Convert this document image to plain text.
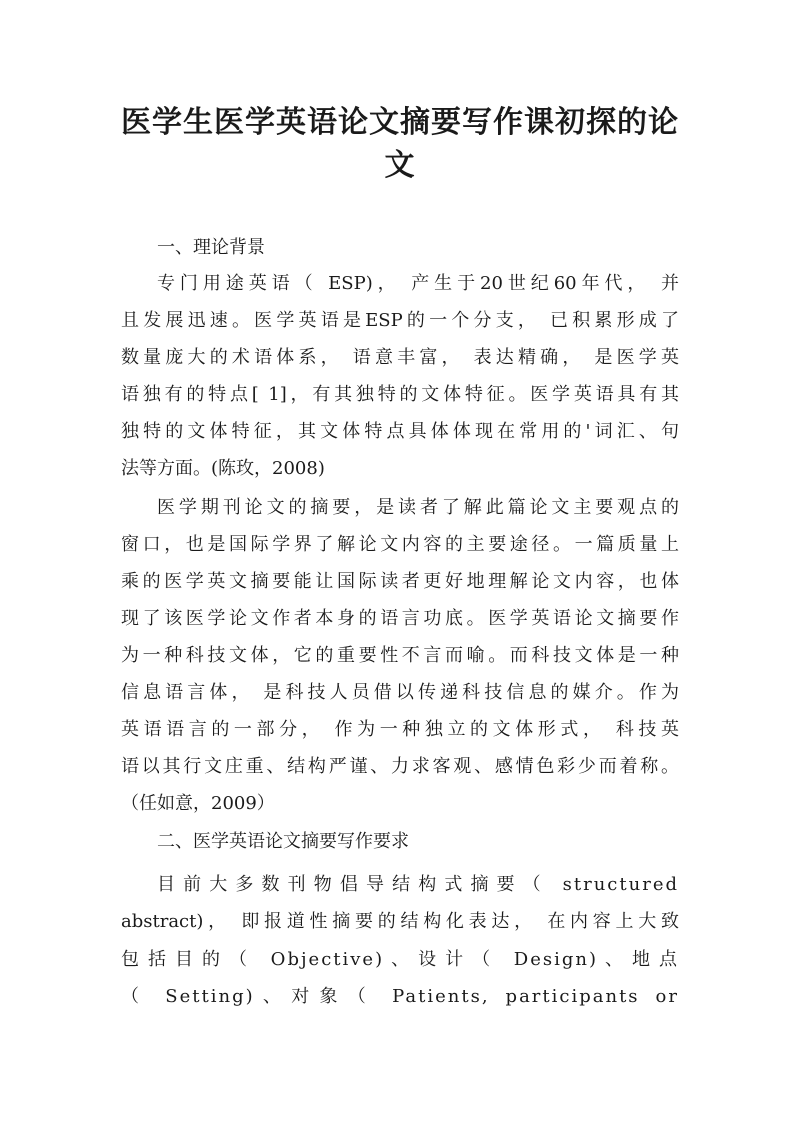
医学生医学英语论文摘要写作课初探的论
文

一、理论背景

专门用途英语（ ESP)， 产生于20世纪60年代， 并

且发展迅速。医学英语是ESP的一个分支， 已积累形成了

数量庞大的术语体系， 语意丰富， 表达精确， 是医学英

语独有的特点[ 1]，有其独特的文体特征。医学英语具有其

独特的文体特征，其文体特点具体体现在常用的'词汇、句

法等方面。(陈玫，2008)

医学期刊论文的摘要，是读者了解此篇论文主要观点的

窗口，也是国际学界了解论文内容的主要途径。一篇质量上

乘的医学英文摘要能让国际读者更好地理解论文内容，也体

现了该医学论文作者本身的语言功底。医学英语论文摘要作

为一种科技文体，它的重要性不言而喻。而科技文体是一种

信息语言体， 是科技人员借以传递科技信息的媒介。作为

英语语言的一部分， 作为一种独立的文体形式， 科技英

语以其行文庄重、结构严谨、力求客观、感情色彩少而着称。

（任如意，2009）

二、医学英语论文摘要写作要求

目前大多数刊物倡导结构式摘要（ structured

abstract)， 即报道性摘要的结构化表达， 在内容上大致

包括目的（ Objective)、设计（ Design)、地点

（ Setting)、对象（ Patients, participants or
